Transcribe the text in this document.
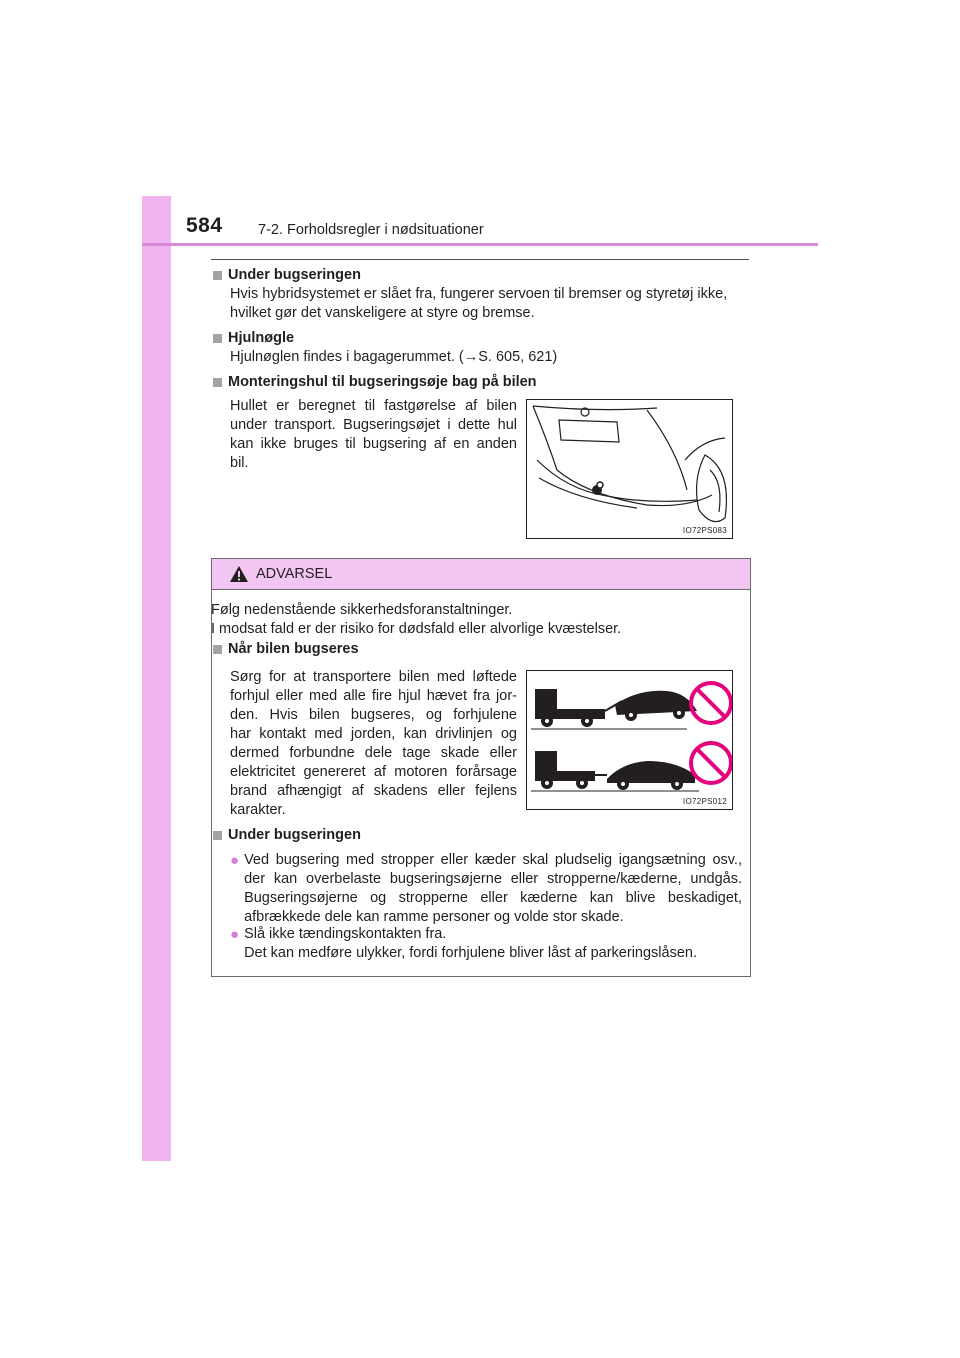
584 7-2. Forholdsregler i nødsituationer
Under bugseringen
Hvis hybridsystemet er slået fra, fungerer servoen til bremser og styretøj ikke,
hvilket gør det vanskeligere at styre og bremse.
Hjulnøgle
Hjulnøglen findes i bagagerummet. (→S. 605, 621)
Monteringshul til bugseringsøje bag på bilen
Hullet er beregnet til fastgørelse af bilen
under transport. Bugseringsøjet i dette hul
kan ikke bruges til bugsering af en anden
bil.
IO72PS083
ADVARSEL
Følg nedenstående sikkerhedsforanstaltninger.
I modsat fald er der risiko for dødsfald eller alvorlige kvæstelser.
Når bilen bugseres
Sørg for at transportere bilen med løftede
forhjul eller med alle fire hjul hævet fra jor-
den. Hvis bilen bugseres, og forhjulene
har kontakt med jorden, kan drivlinjen og
dermed forbundne dele tage skade eller
elektricitet genereret af motoren forårsage
brand afhængigt af skadens eller fejlens
karakter.
IO72PS012
Under bugseringen
● Ved bugsering med stropper eller kæder skal pludselig igangsætning osv.,
der kan overbelaste bugseringsøjerne eller stropperne/kæderne, undgås.
Bugseringsøjerne og stropperne eller kæderne kan blive beskadiget,
afbrækkede dele kan ramme personer og volde stor skade.
● Slå ikke tændingskontakten fra.
Det kan medføre ulykker, fordi forhjulene bliver låst af parkeringslåsen.
